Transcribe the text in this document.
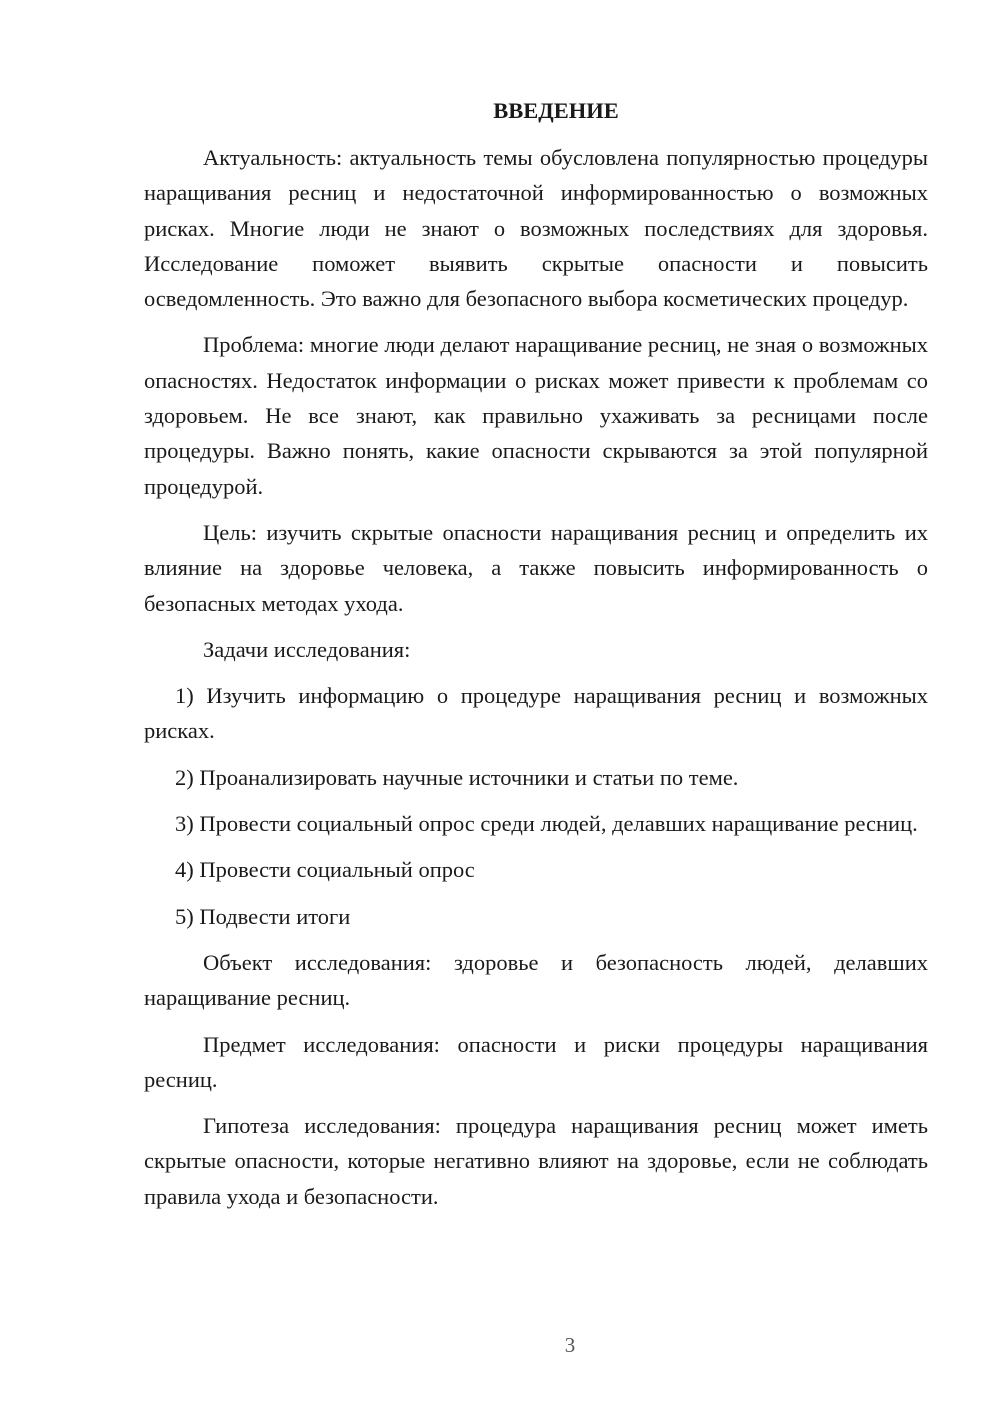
ВВЕДЕНИЕ

Актуальность: актуальность темы обусловлена популярностью процедуры наращивания ресниц и недостаточной информированностью о возможных рисках. Многие люди не знают о возможных последствиях для здоровья. Исследование поможет выявить скрытые опасности и повысить осведомленность. Это важно для безопасного выбора косметических процедур.

Проблема: многие люди делают наращивание ресниц, не зная о возможных опасностях. Недостаток информации о рисках может привести к проблемам со здоровьем. Не все знают, как правильно ухаживать за ресницами после процедуры. Важно понять, какие опасности скрываются за этой популярной процедурой.

Цель: изучить скрытые опасности наращивания ресниц и определить их влияние на здоровье человека, а также повысить информированность о безопасных методах ухода.

Задачи исследования:

1) Изучить информацию о процедуре наращивания ресниц и возможных рисках.

2) Проанализировать научные источники и статьи по теме.

3) Провести социальный опрос среди людей, делавших наращивание ресниц.

4) Провести социальный опрос

5) Подвести итоги

Объект исследования: здоровье и безопасность людей, делавших наращивание ресниц.

Предмет исследования: опасности и риски процедуры наращивания ресниц.

Гипотеза исследования: процедура наращивания ресниц может иметь скрытые опасности, которые негативно влияют на здоровье, если не соблюдать правила ухода и безопасности.

3
